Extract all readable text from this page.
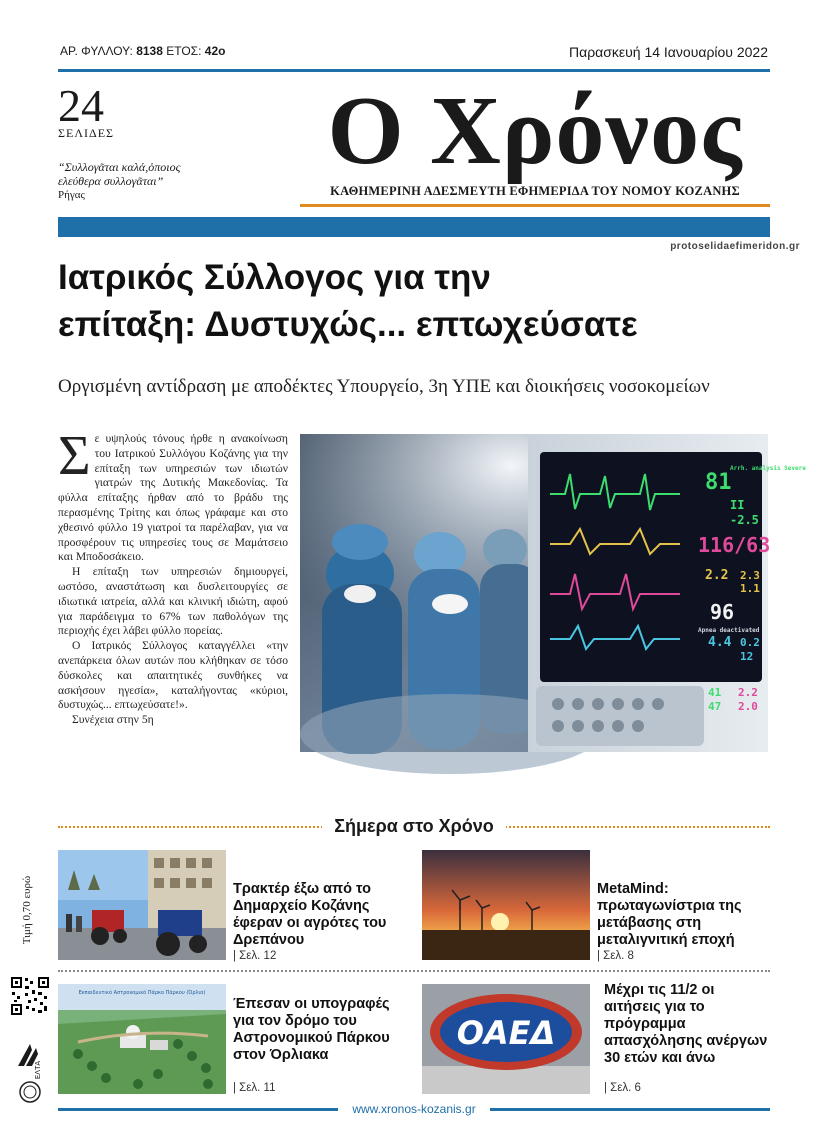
ΑΡ. ΦΥΛΛΟΥ: 8138 ΕΤΟΣ: 42ο	Παρασκευή 14 Ιανουαρίου 2022
24
ΣΕΛΙΔΕΣ
“Συλλογᾶται καλά,ὁποιος ελεύθερα συλλογᾶται”
Ρήγας
Ο Χρόνος
ΚΑΘΗΜΕΡΙΝΗ ΑΔΕΣΜΕΥΤΗ ΕΦΗΜΕΡΙΔΑ ΤΟΥ ΝΟΜΟΥ ΚΟΖΑΝΗΣ
protoselidaefimeridon.gr
Ιατρικός Σύλλογος για την
επίταξη: Δυστυχώς... επτωχεύσατε
Οργισμένη αντίδραση με αποδέκτες Υπουργείο, 3η ΥΠΕ και διοικήσεις νοσοκομείων

Σε υψηλούς τόνους ήρθε η ανακοίνωση του Ιατρικού Συλλόγου Κοζάνης για την επίταξη των υπηρεσιών των ιδιωτών γιατρών της Δυτικής Μακεδονίας. Τα φύλλα επίταξης ήρθαν από το βράδυ της περασμένης Τρίτης και όπως γράφαμε και στο χθεσινό φύλλο 19 γιατροί τα παρέλαβαν, για να προσφέρουν τις υπηρεσίες τους σε Μαμάτσειο και Μποδοσάκειο.

Η επίταξη των υπηρεσιών δημιουργεί, ωστόσο, αναστάτωση και δυσλειτουργίες σε ιδιωτικά ιατρεία, αλλά και κλινική ιδιώτη, αφού για παράδειγμα το 67% των παθολόγων της περιοχής έχει λάβει φύλλο πορείας.

Ο Ιατρικός Σύλλογος καταγγέλλει «την ανεπάρκεια όλων αυτών που κλήθηκαν σε τόσο δύσκολες και απαιτητικές συνθήκες να ασκήσουν ηγεσία», καταλήγοντας «κύριοι, δυστυχώς... επτωχεύσατε!».

Συνέχεια στην 5η

81
II
-2.5
116/63
2.2 2.3
1.1
96
4.4 0.2
12
41
47
2.2
2.0
Arrh. analysis Severe
Apnea deactivated
Σήμερα στο Χρόνο
Τρακτέρ έξω από το Δημαρχείο Κοζάνης έφεραν οι αγρότες του Δρεπάνου
| Σελ. 12
MetaMind: πρωταγωνίστρια της μετάβασης στη μεταλιγνιτική εποχή
| Σελ. 8
Εκπαιδευτικό Αστρονομικό Πάρκο Πάρκου (Όρλια)
Έπεσαν οι υπογραφές για τον δρόμο του Αστρονομικού Πάρκου στον Όρλιακα
| Σελ. 11
ΟΑΕΔ
Μέχρι τις 11/2 οι αιτήσεις για το πρόγραμμα απασχόλησης ανέργων 30 ετών και άνω
| Σελ. 6
Τιμή 0,70 ευρώ
ΕΛΤΑ
www.xronos-kozanis.gr
